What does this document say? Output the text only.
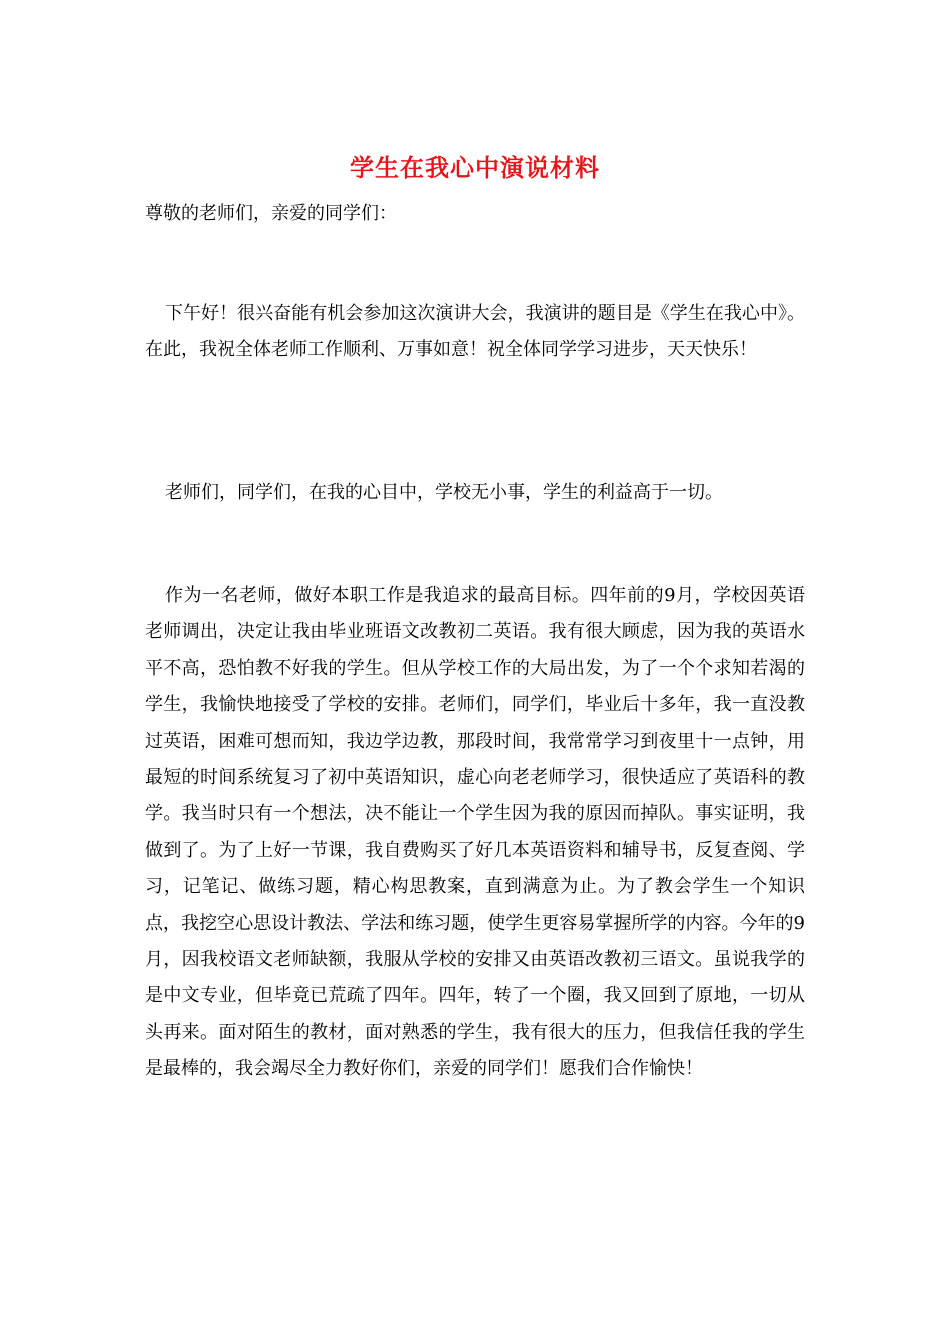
学生在我心中演说材料
尊敬的老师们，亲爱的同学们：
下午好！很兴奋能有机会参加这次演讲大会，我演讲的题目是《学生在我心中》。在此，我祝全体老师工作顺利、万事如意！祝全体同学学习进步，天天快乐！
老师们，同学们，在我的心目中，学校无小事，学生的利益高于一切。
作为一名老师，做好本职工作是我追求的最高目标。四年前的9月，学校因英语老师调出，决定让我由毕业班语文改教初二英语。我有很大顾虑，因为我的英语水平不高，恐怕教不好我的学生。但从学校工作的大局出发，为了一个个求知若渴的学生，我愉快地接受了学校的安排。老师们，同学们，毕业后十多年，我一直没教过英语，困难可想而知，我边学边教，那段时间，我常常学习到夜里十一点钟，用最短的时间系统复习了初中英语知识，虚心向老老师学习，很快适应了英语科的教学。我当时只有一个想法，决不能让一个学生因为我的原因而掉队。事实证明，我做到了。为了上好一节课，我自费购买了好几本英语资料和辅导书，反复查阅、学习，记笔记、做练习题，精心构思教案，直到满意为止。为了教会学生一个知识点，我挖空心思设计教法、学法和练习题，使学生更容易掌握所学的内容。今年的9月，因我校语文老师缺额，我服从学校的安排又由英语改教初三语文。虽说我学的是中文专业，但毕竟已荒疏了四年。四年，转了一个圈，我又回到了原地，一切从头再来。面对陌生的教材，面对熟悉的学生，我有很大的压力，但我信任我的学生是最棒的，我会竭尽全力教好你们，亲爱的同学们！愿我们合作愉快！
